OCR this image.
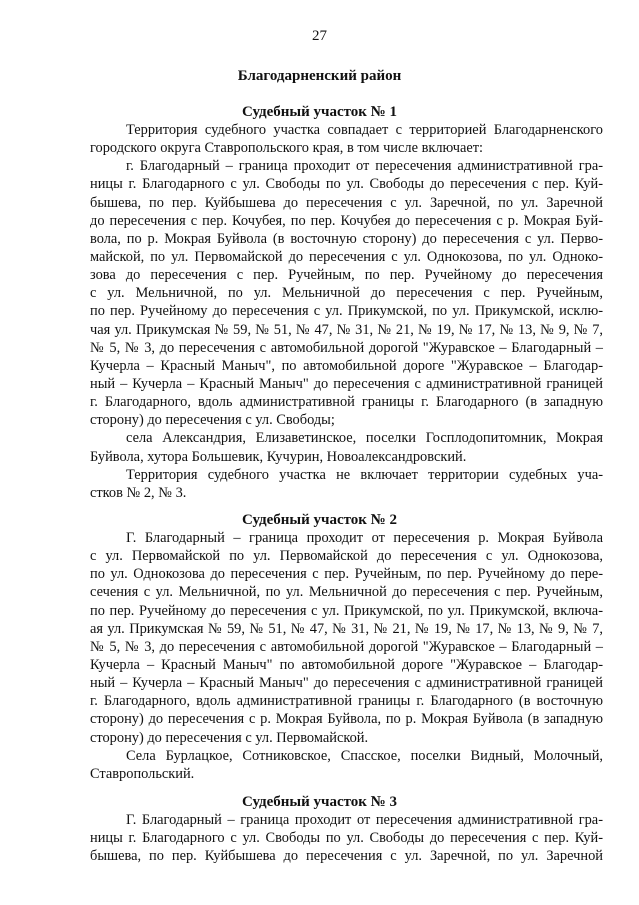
27
Благодарненский район
Судебный участок № 1
Территория судебного участка совпадает с территорией Благодарненского
городского округа Ставропольского края, в том числе включает:
г. Благодарный – граница проходит от пересечения административной гра-
ницы г. Благодарного с ул. Свободы по ул. Свободы до пересечения с пер. Куй-
бышева, по пер. Куйбышева до пересечения с ул. Заречной, по ул. Заречной
до пересечения с пер. Кочубея, по пер. Кочубея до пересечения с р. Мокрая Буй-
вола, по р. Мокрая Буйвола (в восточную сторону) до пересечения с ул. Перво-
майской, по ул. Первомайской до пересечения с ул. Однокозова, по ул. Однoко-
зова до пересечения с пер. Ручейным, по пер. Ручейному до пересечения
с ул. Мельничной, по ул. Мельничной до пересечения с пер. Ручейным,
по пер. Ручейному до пересечения с ул. Прикумской, по ул. Прикумской, исклю-
чая ул. Прикумская № 59, № 51, № 47, № 31, № 21, № 19, № 17, № 13, № 9, № 7,
№ 5, № 3, до пересечения с автомобильной дорогой "Журавское – Благодарный –
Кучерла – Красный Маныч", по автомобильной дороге "Журавское – Благодар-
ный – Кучерла – Красный Маныч" до пересечения с административной границей
г. Благодарного, вдоль административной границы г. Благодарного (в западную
сторону) до пересечения с ул. Свободы;
села Александрия, Елизаветинское, поселки Госплодопитомник, Мокрая
Буйвола, хутора Большевик, Кучурин, Новоалександровский.
Территория судебного участка не включает территории судебных уча-
стков № 2, № 3.
Судебный участок № 2
Г. Благодарный – граница проходит от пересечения р. Мокрая Буйвола
с ул. Первомайской по ул. Первомайской до пересечения с ул. Однокозова,
по ул. Однокозова до пересечения с пер. Ручейным, по пер. Ручейному до пере-
сечения с ул. Мельничной, по ул. Мельничной до пересечения с пер. Ручейным,
по пер. Ручейному до пересечения с ул. Прикумской, по ул. Прикумской, включа-
ая ул. Прикумская № 59, № 51, № 47, № 31, № 21, № 19, № 17, № 13, № 9, № 7,
№ 5, № 3, до пересечения с автомобильной дорогой "Журавское – Благодарный –
Кучерла – Красный Маныч" по автомобильной дороге "Журавское – Благодар-
ный – Кучерла – Красный Маныч" до пересечения с административной границей
г. Благодарного, вдоль административной границы г. Благодарного (в восточную
сторону) до пересечения с р. Мокрая Буйвола, по р. Мокрая Буйвола (в западную
сторону) до пересечения с ул. Первомайской.
Села Бурлацкое, Сотниковское, Спасское, поселки Видный, Молочный,
Ставропольский.
Судебный участок № 3
Г. Благодарный – граница проходит от пересечения административной гра-
ницы г. Благодарного с ул. Свободы по ул. Свободы до пересечения с пер. Куй-
бышева, по пер. Куйбышева до пересечения с ул. Заречной, по ул. Заречной
